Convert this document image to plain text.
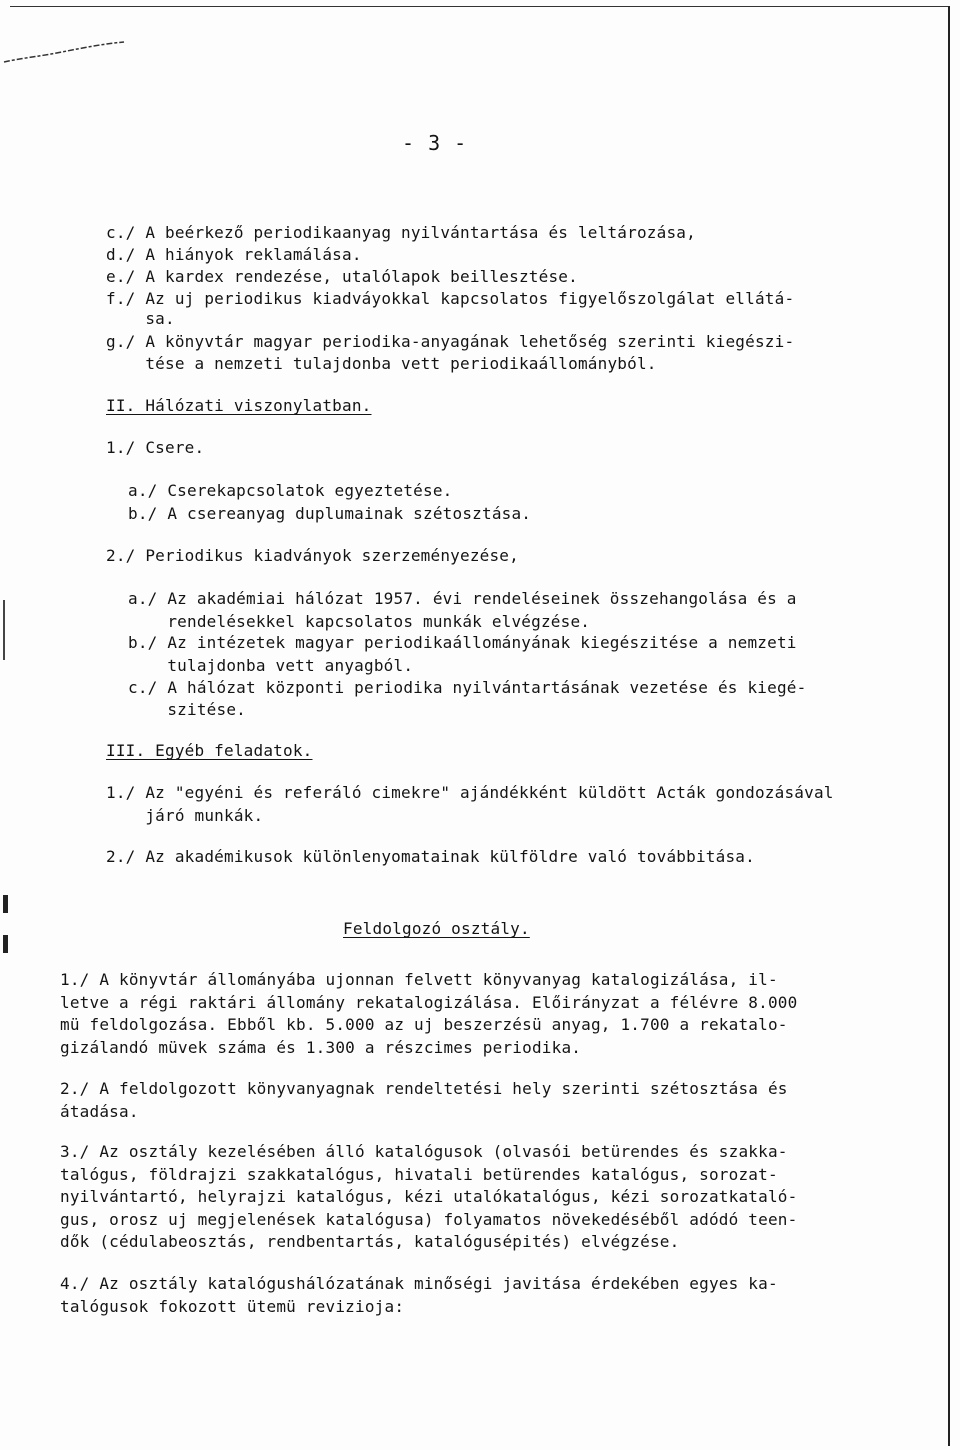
- 3 -
c./ A beérkező periodikaanyag nyilvántartása és leltározása,
d./ A hiányok reklamálása.
e./ A kardex rendezése, utalólapok beillesztése.
f./ Az uj periodikus kiadváyokkal kapcsolatos figyelőszolgálat ellátá-
sa.
g./ A könyvtár magyar periodika-anyagának lehetőség szerinti kiegészi-
tése a nemzeti tulajdonba vett periodikaállományból.
II. Hálózati viszonylatban.
1./ Csere.
a./ Cserekapcsolatok egyeztetése.
b./ A csereanyag duplumainak szétosztása.
2./ Periodikus kiadványok szerzeményezése,
a./ Az akadémiai hálózat 1957. évi rendeléseinek összehangolása és a
rendelésekkel kapcsolatos munkák elvégzése.
b./ Az intézetek magyar periodikaállományának kiegészitése a nemzeti
tulajdonba vett anyagból.
c./ A hálózat központi periodika nyilvántartásának vezetése és kiegé-
szitése.
III. Egyéb feladatok.
1./ Az "egyéni és referáló cimekre" ajándékként küldött Acták gondozásával
járó munkák.
2./ Az akadémikusok különlenyomatainak külföldre való továbbitása.
Feldolgozó osztály.
1./ A könyvtár állományába ujonnan felvett könyvanyag katalogizálása, il-
letve a régi raktári állomány rekatalogizálása. Előirányzat a félévre 8.000
mü feldolgozása. Ebből kb. 5.000 az uj beszerzésü anyag, 1.700 a rekatalo-
gizálandó müvek száma és 1.300 a részcimes periodika.
2./ A feldolgozott könyvanyagnak rendeltetési hely szerinti szétosztása és
átadása.
3./ Az osztály kezelésében álló katalógusok (olvasói betürendes és szakka-
talógus, földrajzi szakkatalógus, hivatali betürendes katalógus, sorozat-
nyilvántartó, helyrajzi katalógus, kézi utalókatalógus, kézi sorozatkataló-
gus, orosz uj megjelenések katalógusa) folyamatos növekedéséből adódó teen-
dők (cédulabeosztás, rendbentartás, katalógusépités) elvégzése.
4./ Az osztály katalógushálózatának minőségi javitása érdekében egyes ka-
talógusok fokozott ütemü revizioja:
